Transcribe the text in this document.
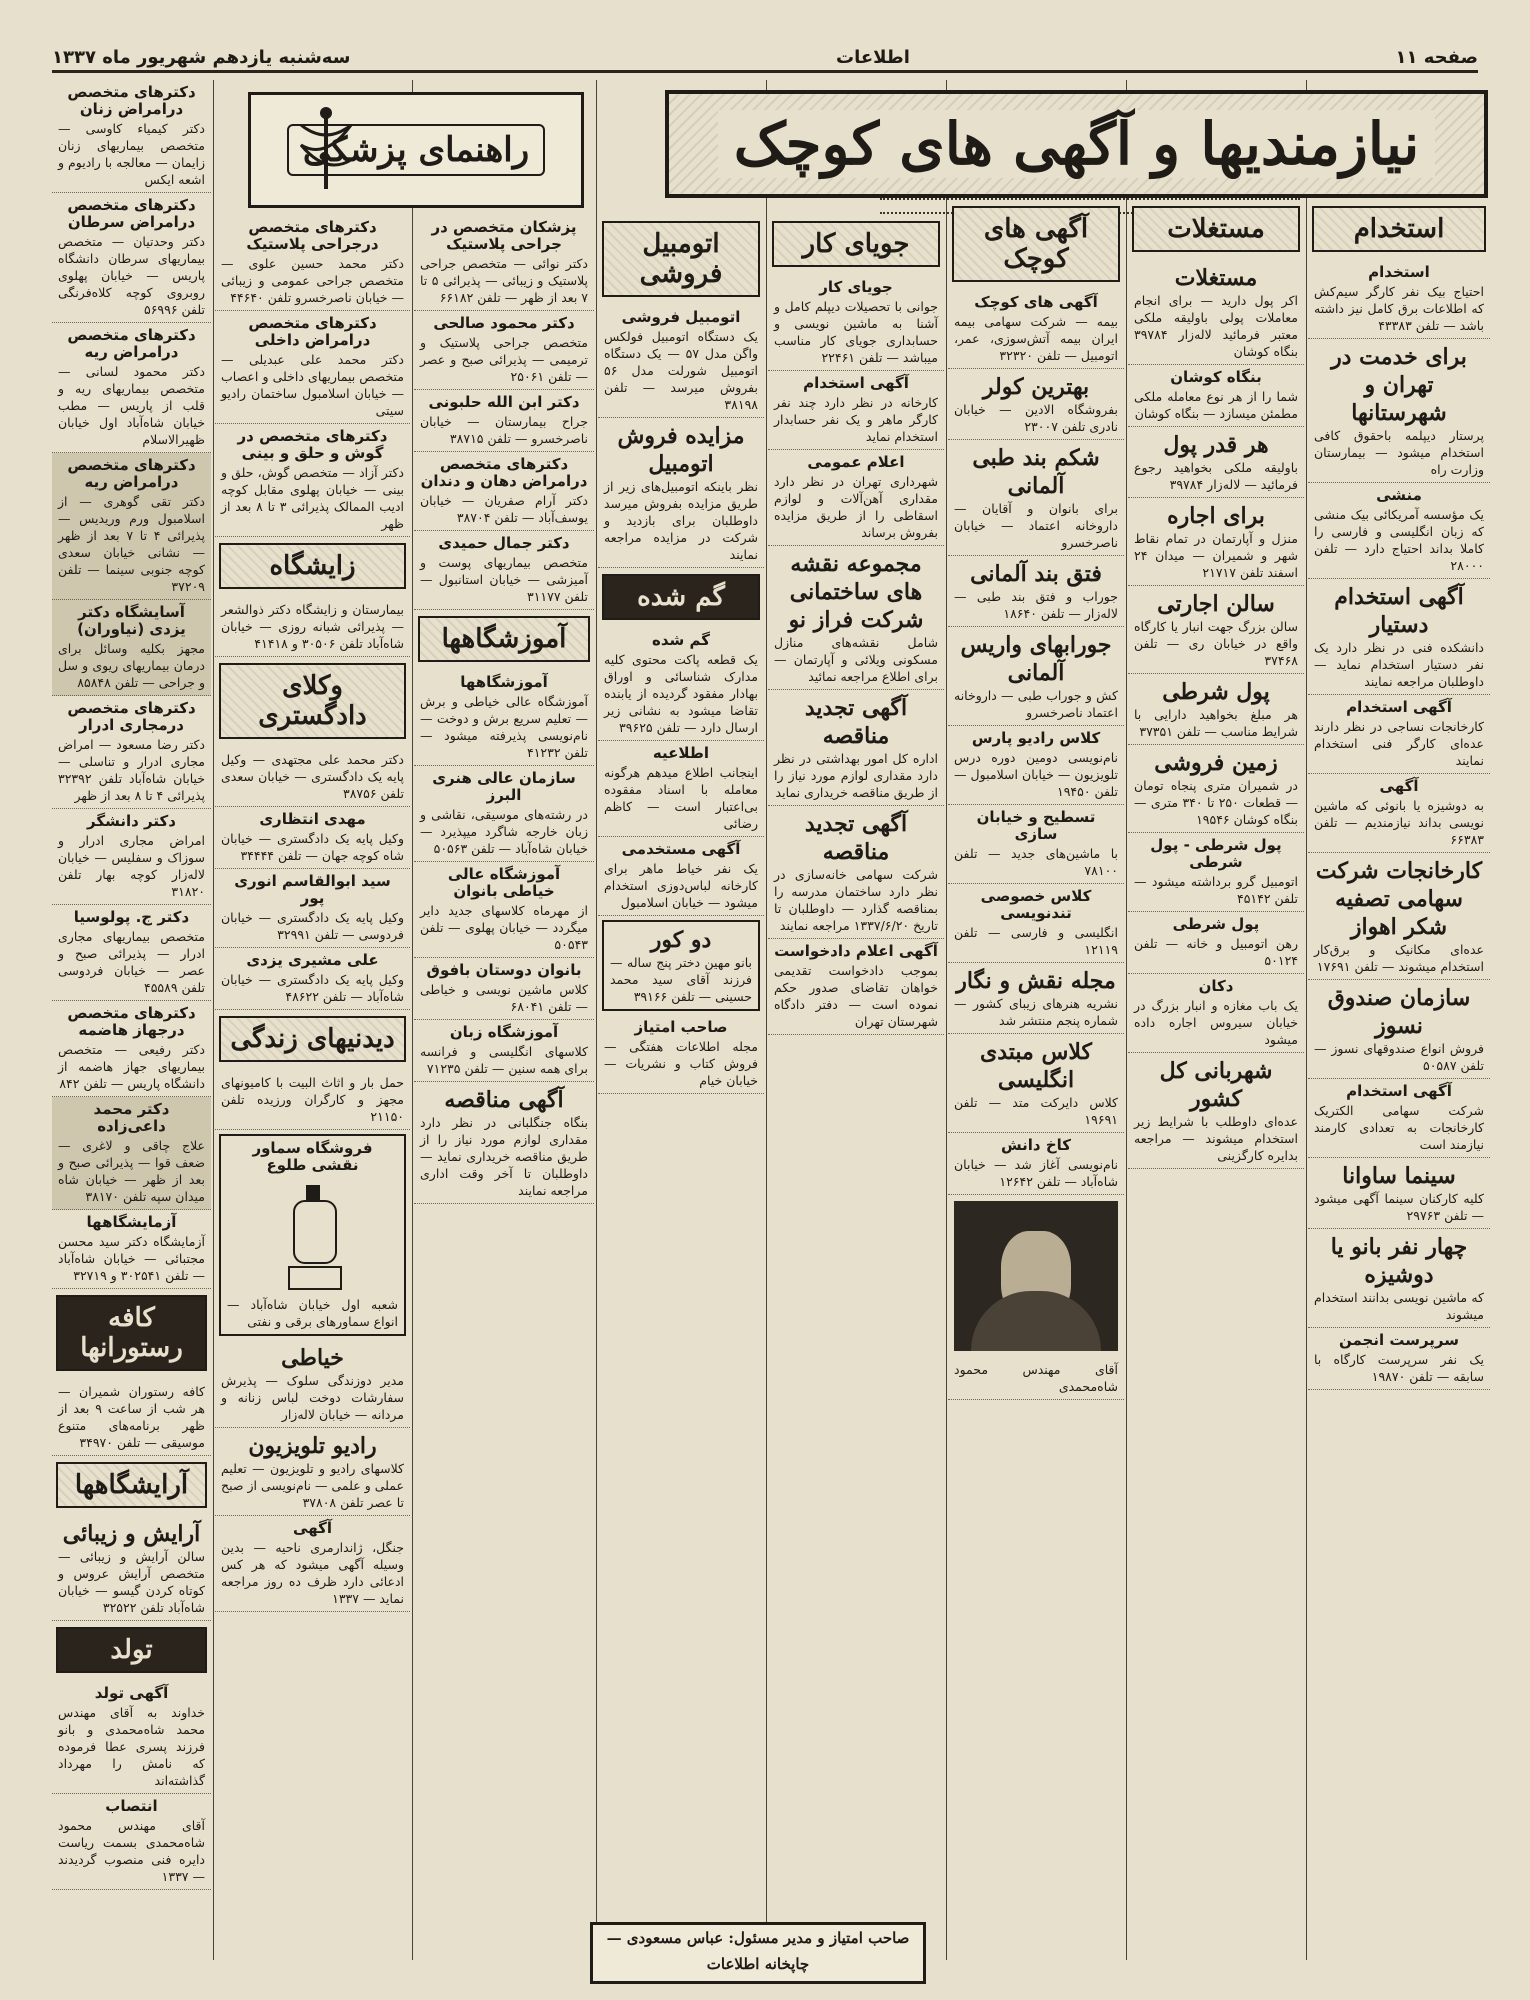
صفحه ۱۱
اطلاعات
سه‌شنبه یازدهم شهریور ماه ۱۳۳۷
نیازمندیها و آگهی های کوچک
راهنمای پزشکی
استخدام
استخدام
احتیاج بیک نفر کارگر سیم‌کش که اطلاعات برق کامل نیز داشته باشد — تلفن ۴۳۳۸۳
برای خدمت در تهران و شهرستانها
پرستار دیپلمه باحقوق کافی استخدام میشود — بیمارستان وزارت راه
منشی
یک مؤسسه آمریکائی بیک منشی که زبان انگلیسی و فارسی را کاملا بداند احتیاج دارد — تلفن ۲۸۰۰۰
آگهی استخدام دستیار
دانشکده فنی در نظر دارد یک نفر دستیار استخدام نماید — داوطلبان مراجعه نمایند
آگهی استخدام
کارخانجات نساجی در نظر دارند عده‌ای کارگر فنی استخدام نمایند
آگهی
به دوشیزه یا بانوئی که ماشین نویسی بداند نیازمندیم — تلفن ۶۶۳۸۳
کارخانجات شرکت سهامی تصفیه شکر اهواز
عده‌ای مکانیک و برق‌کار استخدام میشوند — تلفن ۱۷۶۹۱
سازمان صندوق نسوز
فروش انواع صندوقهای نسوز — تلفن ۵۰۵۸۷
آگهی استخدام
شرکت سهامی الکتریک کارخانجات به تعدادی کارمند نیازمند است
سینما ساوانا
کلیه کارکنان سینما آگهی میشود — تلفن ۲۹۷۶۳
چهار نفر بانو یا دوشیزه
که ماشین نویسی بدانند استخدام میشوند
سرپرست انجمن
یک نفر سرپرست کارگاه با سابقه — تلفن ۱۹۸۷۰
مستغلات
مستغلات
اکر پول دارید — برای انجام معاملات پولی باولیقه ملکی معتبر فرمائید لاله‌زار ۳۹۷۸۴ بنگاه کوشان
بنگاه کوشان
شما را از هر نوع معامله ملکی مطمئن میسازد — بنگاه کوشان
هر قدر پول
باولیقه ملکی بخواهید رجوع فرمائید — لاله‌زار ۳۹۷۸۴
برای اجاره
منزل و آپارتمان در تمام نقاط شهر و شمیران — میدان ۲۴ اسفند تلفن ۲۱۷۱۷
سالن اجارتی
سالن بزرگ جهت انبار یا کارگاه واقع در خیابان ری — تلفن ۳۷۴۶۸
پول شرطی
هر مبلغ بخواهید دارایی با شرایط مناسب — تلفن ۳۷۳۵۱
زمین فروشی
در شمیران متری پنجاه تومان — قطعات ۲۵۰ تا ۳۴۰ متری — بنگاه کوشان ۱۹۵۴۶
پول شرطی - پول شرطی
اتومبیل گرو برداشته میشود — تلفن ۴۵۱۴۲
پول شرطی
رهن اتومبیل و خانه — تلفن ۵۰۱۲۴
دکان
یک باب مغازه و انبار بزرگ در خیابان سیروس اجاره داده میشود
شهربانی کل کشور
عده‌ای داوطلب با شرایط زیر استخدام میشوند — مراجعه بدایره کارگزینی
آگهی های کوچک
آگهی های کوچک
بیمه — شرکت سهامی بیمه ایران بیمه آتش‌سوزی، عمر، اتومبیل — تلفن ۳۲۳۲۰
بهترین کولر
بفروشگاه الادین — خیابان نادری تلفن ۲۳۰۰۷
شکم بند طبی آلمانی
برای بانوان و آقایان — داروخانه اعتماد — خیابان ناصرخسرو
فتق بند آلمانی
جوراب و فتق بند طبی — لاله‌زار — تلفن ۱۸۶۴۰
جورابهای واریس آلمانی
کش و جوراب طبی — داروخانه اعتماد ناصرخسرو
کلاس رادیو پارس
نام‌نویسی دومین دوره درس تلویزیون — خیابان اسلامبول — تلفن ۱۹۴۵۰
تسطیح و خیابان سازی
با ماشین‌های جدید — تلفن ۷۸۱۰۰
کلاس خصوصی تندنویسی
انگلیسی و فارسی — تلفن ۱۲۱۱۹
مجله نقش و نگار
نشریه هنرهای زیبای کشور — شماره پنجم منتشر شد
کلاس مبتدی انگلیسی
کلاس دایرکت متد — تلفن ۱۹۶۹۱
کاخ دانش
نام‌نویسی آغاز شد — خیابان شاه‌آباد — تلفن ۱۲۶۴۲
آقای مهندس محمود شاه‌محمدی
جویای کار
جویای کار
جوانی با تحصیلات دیپلم کامل و آشنا به ماشین نویسی و حسابداری جویای کار مناسب میباشد — تلفن ۲۲۴۶۱
آگهی استخدام
کارخانه در نظر دارد چند نفر کارگر ماهر و یک نفر حسابدار استخدام نماید
اعلام عمومی
شهرداری تهران در نظر دارد مقداری آهن‌آلات و لوازم اسقاطی را از طریق مزایده بفروش برساند
مجموعه نقشه های ساختمانی شرکت فراز نو
شامل نقشه‌های منازل مسکونی ویلائی و آپارتمان — برای اطلاع مراجعه نمائید
آگهی تجدید مناقصه
اداره کل امور بهداشتی در نظر دارد مقداری لوازم مورد نیاز را از طریق مناقصه خریداری نماید
آگهی تجدید مناقصه
شرکت سهامی خانه‌سازی در نظر دارد ساختمان مدرسه را بمناقصه گذارد — داوطلبان تا تاریخ ۱۳۳۷/۶/۲۰ مراجعه نمایند
آگهی اعلام دادخواست
بموجب دادخواست تقدیمی خواهان تقاضای صدور حکم نموده است — دفتر دادگاه شهرستان تهران
اتومبیل فروشی
اتومبیل فروشی
یک دستگاه اتومبیل فولکس واگن مدل ۵۷ — یک دستگاه اتومبیل شورلت مدل ۵۶ بفروش میرسد — تلفن ۳۸۱۹۸
مزایده فروش اتومبیل
نظر باینکه اتومبیل‌های زیر از طریق مزایده بفروش میرسد داوطلبان برای بازدید و شرکت در مزایده مراجعه نمایند
گم شده
گم شده
یک قطعه پاکت محتوی کلیه مدارک شناسائی و اوراق بهادار مفقود گردیده از یابنده تقاضا میشود به نشانی زیر ارسال دارد — تلفن ۳۹۶۲۵
اطلاعیه
اینجانب اطلاع میدهم هرگونه معامله با اسناد مفقوده بی‌اعتبار است — کاظم رضائی
آگهی مستخدمی
یک نفر خیاط ماهر برای کارخانه لباس‌دوزی استخدام میشود — خیابان اسلامبول
دو کور
بانو مهین دختر پنج ساله — فرزند آقای سید محمد حسینی — تلفن ۳۹۱۶۶
صاحب امتیاز
مجله اطلاعات هفتگی — فروش کتاب و نشریات — خیابان خیام
پزشکان متخصص در جراحی پلاستیک
دکتر نوائی — متخصص جراحی پلاستیک و زیبائی — پذیرائی ۵ تا ۷ بعد از ظهر — تلفن ۶۶۱۸۲
دکتر محمود صالحی
متخصص جراحی پلاستیک و ترمیمی — پذیرائی صبح و عصر — تلفن ۲۵۰۶۱
دکتر ابن الله حلبونی
جراح بیمارستان — خیابان ناصرخسرو — تلفن ۳۸۷۱۵
دکترهای متخصص درامراض دهان و دندان
دکتر آرام صفریان — خیابان یوسف‌آباد — تلفن ۳۸۷۰۴
دکتر جمال حمیدی
متخصص بیماریهای پوست و آمیزشی — خیابان استانبول — تلفن ۳۱۱۷۷
آموزشگاهها
آموزشگاهها
آموزشگاه عالی خیاطی و برش — تعلیم سریع برش و دوخت — نام‌نویسی پذیرفته میشود — تلفن ۴۱۲۳۲
سازمان عالی هنری البرز
در رشته‌های موسیقی، نقاشی و زبان خارجه شاگرد میپذیرد — خیابان شاه‌آباد — تلفن ۵۰۵۶۳
آموزشگاه عالی خیاطی بانوان
از مهرماه کلاسهای جدید دایر میگردد — خیابان پهلوی — تلفن ۵۰۵۴۳
بانوان دوستان بافوق
کلاس ماشین نویسی و خیاطی — تلفن ۶۸۰۴۱
آموزشگاه زبان
کلاسهای انگلیسی و فرانسه برای همه سنین — تلفن ۷۱۲۳۵
آگهی مناقصه
بنگاه جنگلبانی در نظر دارد مقداری لوازم مورد نیاز را از طریق مناقصه خریداری نماید — داوطلبان تا آخر وقت اداری مراجعه نمایند
دکترهای متخصص درجراحی پلاستیک
دکتر محمد حسین علوی — متخصص جراحی عمومی و زیبائی — خیابان ناصرخسرو تلفن ۴۴۶۴۰
دکترهای متخصص درامراض داخلی
دکتر محمد علی عبدیلی — متخصص بیماریهای داخلی و اعصاب — خیابان اسلامبول ساختمان رادیو سیتی
دکترهای متخصص در گوش و حلق و بینی
دکتر آزاد — متخصص گوش، حلق و بینی — خیابان پهلوی مقابل کوچه ادیب الممالک پذیرائی ۳ تا ۸ بعد از ظهر
زایشگاه
بیمارستان و زایشگاه دکتر ذوالشعر — پذیرائی شبانه روزی — خیابان شاه‌آباد تلفن ۳۰۵۰۶ و ۴۱۴۱۸
وکلای دادگستری
دکتر محمد علی مجتهدی — وکیل پایه یک دادگستری — خیابان سعدی تلفن ۳۸۷۵۶
مهدی انتظاری
وکیل پایه یک دادگستری — خیابان شاه کوچه جهان — تلفن ۳۴۴۴۴
سید ابوالقاسم انوری پور
وکیل پایه یک دادگستری — خیابان فردوسی — تلفن ۳۲۹۹۱
علی مشیری یزدی
وکیل پایه یک دادگستری — خیابان شاه‌آباد — تلفن ۴۸۶۲۲
دیدنیهای زندگی
حمل بار و اثاث البیت با کامیونهای مجهز و کارگران ورزیده تلفن ۲۱۱۵۰
فروشگاه سماور نقشی طلوع
شعبه اول خیابان شاه‌آباد — انواع سماورهای برقی و نفتی
خیاطی
مدیر دوزندگی سلوک — پذیرش سفارشات دوخت لباس زنانه و مردانه — خیابان لاله‌زار
رادیو تلویزیون
کلاسهای رادیو و تلویزیون — تعلیم عملی و علمی — نام‌نویسی از صبح تا عصر تلفن ۳۷۸۰۸
آگهی
جنگل، ژاندارمری ناحیه — بدین وسیله آگهی میشود که هر کس ادعائی دارد ظرف ده روز مراجعه نماید — ۱۳۳۷
دکترهای متخصص درامراض زنان
دکتر کیمیاء کاوسی — متخصص بیماریهای زنان زایمان — معالجه با رادیوم و اشعه ایکس
دکترهای متخصص درامراض سرطان
دکتر وحدتیان — متخصص بیماریهای سرطان دانشگاه پاریس — خیابان پهلوی روبروی کوچه کلاه‌فرنگی تلفن ۵۶۹۹۶
دکترهای متخصص درامراض ریه
دکتر محمود لسانی — متخصص بیماریهای ریه و قلب از پاریس — مطب خیابان شاه‌آباد اول خیابان ظهیرالاسلام
دکترهای متخصص درامراض ریه
دکتر تقی گوهری — از اسلامبول ورم وریدیس — پذیرائی ۴ تا ۷ بعد از ظهر — نشانی خیابان سعدی کوچه جنوبی سینما — تلفن ۳۷۲۰۹
آسایشگاه دکتر یزدی (نیاوران)
مجهز بکلیه وسائل برای درمان بیماریهای ریوی و سل و جراحی — تلفن ۸۵۸۴۸
دکترهای متخصص درمجاری ادرار
دکتر رضا مسعود — امراض مجاری ادرار و تناسلی — خیابان شاه‌آباد تلفن ۳۲۳۹۲ پذیرائی ۴ تا ۸ بعد از ظهر
دکتر دانشگر
امراض مجاری ادرار و سوزاک و سفلیس — خیابان لاله‌زار کوچه بهار تلفن ۳۱۸۲۰
دکتر ج. پولوسیا
متخصص بیماریهای مجاری ادرار — پذیرائی صبح و عصر — خیابان فردوسی تلفن ۴۵۵۸۹
دکترهای متخصص درجهاز هاضمه
دکتر رفیعی — متخصص بیماریهای جهاز هاضمه از دانشگاه پاریس — تلفن ۸۴۲
دکتر محمد داعی‌زاده
علاج چاقی و لاغری — ضعف قوا — پذیرائی صبح و بعد از ظهر — خیابان شاه میدان سپه تلفن ۳۸۱۷۰
آزمایشگاهها
آزمایشگاه دکتر سید محسن مجتبائی — خیابان شاه‌آباد — تلفن ۳۰۲۵۴۱ و ۳۲۷۱۹
کافه رستورانها
کافه رستوران شمیران — هر شب از ساعت ۹ بعد از ظهر برنامه‌های متنوع موسیقی — تلفن ۳۴۹۷۰
آرایشگاهها
آرایش و زیبائی
سالن آرایش و زیبائی — متخصص آرایش عروس و کوتاه کردن گیسو — خیابان شاه‌آباد تلفن ۳۲۵۲۲
تولد
آگهی تولد
خداوند به آقای مهندس محمد شاه‌محمدی و بانو فرزند پسری عطا فرموده که نامش را مهرداد گذاشته‌اند
انتصاب
آقای مهندس محمود شاه‌محمدی بسمت ریاست دایره فنی منصوب گردیدند — ۱۳۳۷
صاحب امتیاز و مدیر مسئول: عباس مسعودی — چاپخانه اطلاعات
